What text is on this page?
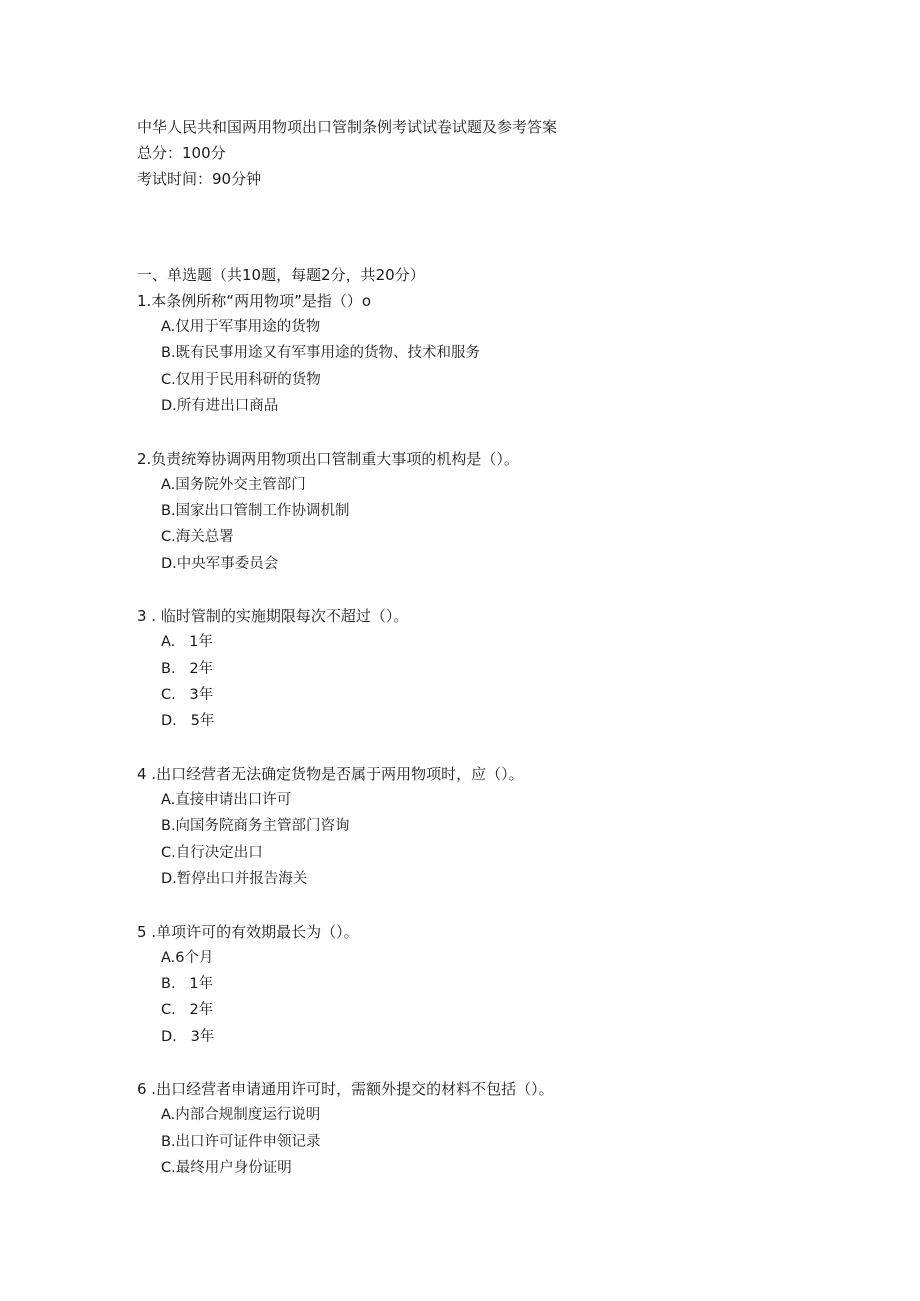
中华人民共和国两用物项出口管制条例考试试卷试题及参考答案

总分：100分

考试时间：90分钟

一、单选题（共10题，每题2分，共20分）

1.本条例所称“两用物项”是指（）o

A.仅用于军事用途的货物

B.既有民事用途又有军事用途的货物、技术和服务

C.仅用于民用科研的货物

D.所有进出口商品

2.负责统筹协调两用物项出口管制重大事项的机构是（）。

A.国务院外交主管部门

B.国家出口管制工作协调机制

C.海关总署

D.中央军事委员会

3 . 临时管制的实施期限每次不超过（）。

A.   1年

B.   2年

C.   3年

D.   5年

4 .出口经营者无法确定货物是否属于两用物项时，应（）。

A.直接申请出口许可

B.向国务院商务主管部门咨询

C.自行决定出口

D.暂停出口并报告海关

5 .单项许可的有效期最长为（）。

A.6个月

B.   1年

C.   2年

D.   3年

6 .出口经营者申请通用许可时，需额外提交的材料不包括（）。

A.内部合规制度运行说明

B.出口许可证件申领记录

C.最终用户身份证明
